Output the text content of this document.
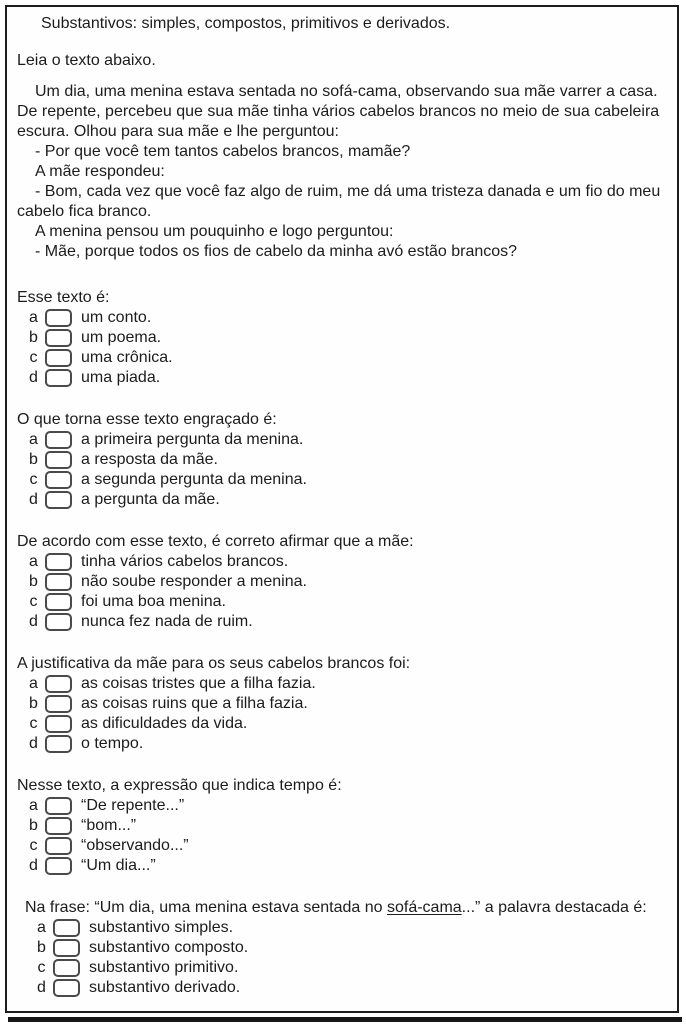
Substantivos: simples, compostos, primitivos e derivados.

Leia o texto abaixo.

Um dia, uma menina estava sentada no sofá-cama, observando sua mãe varrer a casa. De repente, percebeu que sua mãe tinha vários cabelos brancos no meio de sua cabeleira escura. Olhou para sua mãe e lhe perguntou:

- Por que você tem tantos cabelos brancos, mamãe?

A mãe respondeu:

- Bom, cada vez que você faz algo de ruim, me dá uma tristeza danada e um fio do meu cabelo fica branco.

A menina pensou um pouquinho e logo perguntou:

- Mãe, porque todos os fios de cabelo da minha avó estão brancos?

Esse texto é:

a	um conto.
b	um poema.
c	uma crônica.
d	uma piada.

O que torna esse texto engraçado é:

a	a primeira pergunta da menina.
b	a resposta da mãe.
c	a segunda pergunta da menina.
d	a pergunta da mãe.

De acordo com esse texto, é correto afirmar que a mãe:

a	tinha vários cabelos brancos.
b	não soube responder a menina.
c	foi uma boa menina.
d	nunca fez nada de ruim.

A justificativa da mãe para os seus cabelos brancos foi:

a	as coisas tristes que a filha fazia.
b	as coisas ruins que a filha fazia.
c	as dificuldades da vida.
d	o tempo.

Nesse texto, a expressão que indica tempo é:

a	“De repente...”
b	“bom...”
c	“observando...”
d	“Um dia...”

Na frase: “Um dia, uma menina estava sentada no sofá-cama...” a palavra destacada é:

a	substantivo simples.
b	substantivo composto.
c	substantivo primitivo.
d	substantivo derivado.
